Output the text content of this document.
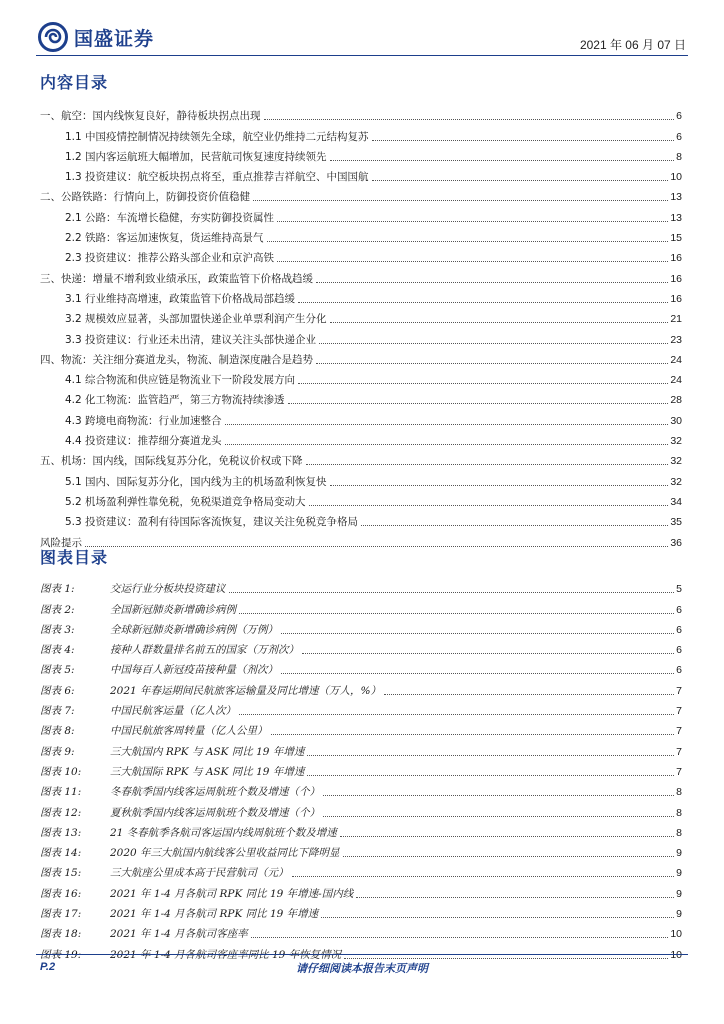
国盛证券	2021 年 06 月 07 日
内容目录
一、航空：国内线恢复良好，静待板块拐点出现	6
1.1 中国疫情控制情况持续领先全球，航空业仍维持二元结构复苏	6
1.2 国内客运航班大幅增加，民营航司恢复速度持续领先	8
1.3 投资建议：航空板块拐点将至，重点推荐吉祥航空、中国国航	10
二、公路铁路：行情向上，防御投资价值稳健	13
2.1 公路：车流增长稳健，夯实防御投资属性	13
2.2 铁路：客运加速恢复，货运维持高景气	15
2.3 投资建议：推荐公路头部企业和京沪高铁	16
三、快递：增量不增利致业绩承压，政策监管下价格战趋缓	16
3.1 行业维持高增速，政策监管下价格战局部趋缓	16
3.2 规模效应显著，头部加盟快递企业单票利润产生分化	21
3.3 投资建议：行业还未出清，建议关注头部快递企业	23
四、物流：关注细分赛道龙头，物流、制造深度融合是趋势	24
4.1 综合物流和供应链是物流业下一阶段发展方向	24
4.2 化工物流：监管趋严，第三方物流持续渗透	28
4.3 跨境电商物流：行业加速整合	30
4.4 投资建议：推荐细分赛道龙头	32
五、机场：国内线，国际线复苏分化，免税议价权或下降	32
5.1 国内、国际复苏分化，国内线为主的机场盈利恢复快	32
5.2 机场盈利弹性靠免税，免税渠道竞争格局变动大	34
5.3 投资建议：盈利有待国际客流恢复，建议关注免税竞争格局	35
风险提示	36
图表目录
图表 1:	交运行业分板块投资建议	5
图表 2:	全国新冠肺炎新增确诊病例	6
图表 3:	全球新冠肺炎新增确诊病例（万例）	6
图表 4:	接种人群数量排名前五的国家（万剂次）	6
图表 5:	中国每百人新冠疫苗接种量（剂次）	6
图表 6:	2021 年春运期间民航旅客运输量及同比增速（万人，%）	7
图表 7:	中国民航客运量（亿人次）	7
图表 8:	中国民航旅客周转量（亿人公里）	7
图表 9:	三大航国内 RPK 与 ASK 同比 19 年增速	7
图表 10:	三大航国际 RPK 与 ASK 同比 19 年增速	7
图表 11:	冬春航季国内线客运周航班个数及增速（个）	8
图表 12:	夏秋航季国内线客运周航班个数及增速（个）	8
图表 13:	21 冬春航季各航司客运国内线周航班个数及增速	8
图表 14:	2020 年三大航国内航线客公里收益同比下降明显	9
图表 15:	三大航座公里成本高于民营航司（元）	9
图表 16:	2021 年 1-4 月各航司 RPK 同比 19 年增速-国内线	9
图表 17:	2021 年 1-4 月各航司 RPK 同比 19 年增速	9
图表 18:	2021 年 1-4 月各航司客座率	10
图表 19:	2021 年 1-4 月各航司客座率同比 19 年恢复情况	10
P.2	请仔细阅读本报告末页声明
